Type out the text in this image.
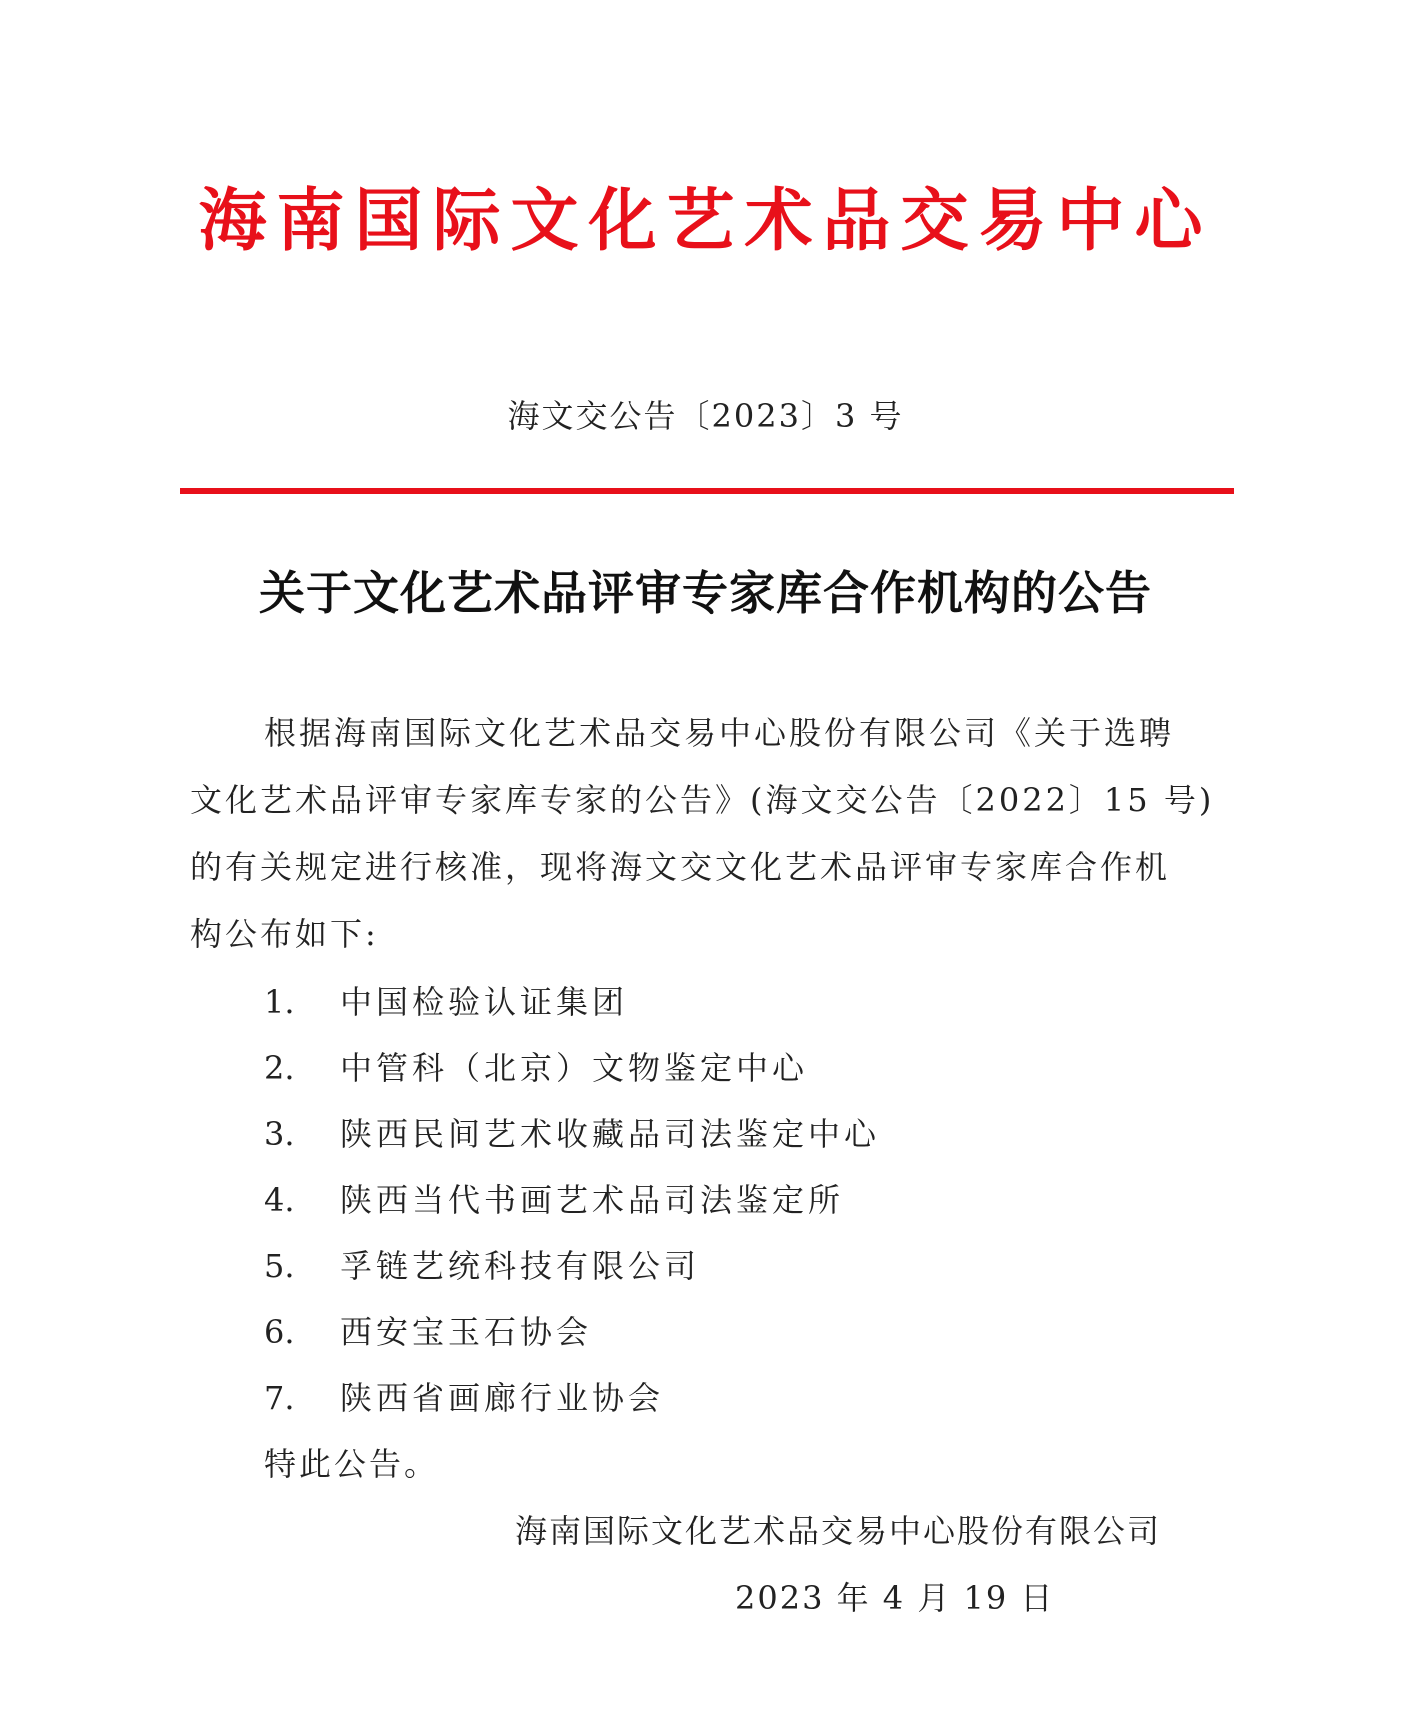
海南国际文化艺术品交易中心
海文交公告〔2023〕3 号
关于文化艺术品评审专家库合作机构的公告
根据海南国际文化艺术品交易中心股份有限公司《关于选聘
文化艺术品评审专家库专家的公告》(海文交公告〔2022〕15 号)
的有关规定进行核准，现将海文交文化艺术品评审专家库合作机
构公布如下:
1. 中国检验认证集团
2. 中管科（北京）文物鉴定中心
3. 陕西民间艺术收藏品司法鉴定中心
4. 陕西当代书画艺术品司法鉴定所
5. 孚链艺统科技有限公司
6. 西安宝玉石协会
7. 陕西省画廊行业协会
特此公告。
海南国际文化艺术品交易中心股份有限公司
2023 年 4 月 19 日
